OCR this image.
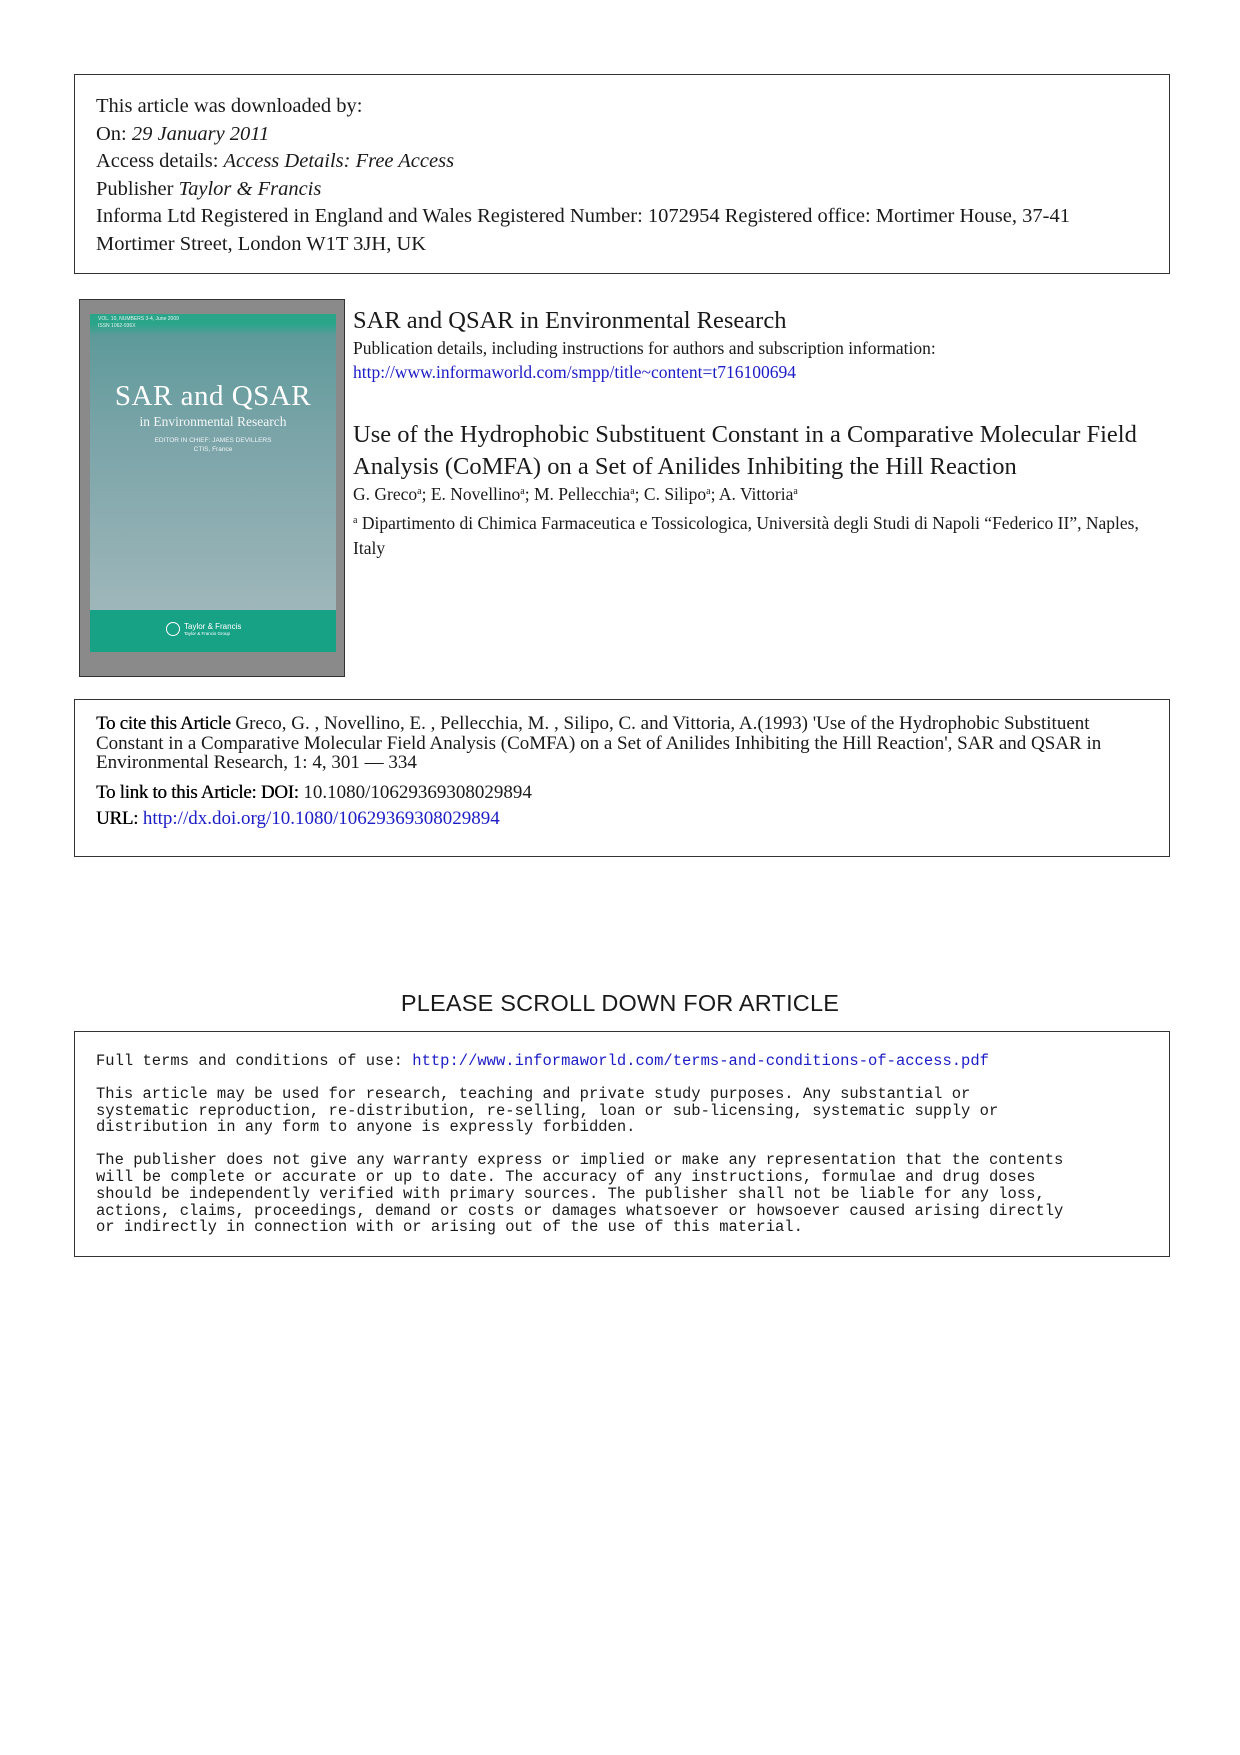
This article was downloaded by:
On: 29 January 2011
Access details: Access Details: Free Access
Publisher Taylor & Francis
Informa Ltd Registered in England and Wales Registered Number: 1072954 Registered office: Mortimer House, 37-41 Mortimer Street, London W1T 3JH, UK
VOL. 10, NUMBERS 3-4, June 2009
ISSN 1062-936X
SAR and QSAR
in Environmental Research
EDITOR IN CHIEF: JAMES DEVILLERS
CTIS, France
Taylor & Francis
Taylor & Francis Group
SAR and QSAR in Environmental Research
Publication details, including instructions for authors and subscription information:
http://www.informaworld.com/smpp/title~content=t716100694
Use of the Hydrophobic Substituent Constant in a Comparative Molecular Field Analysis (CoMFA) on a Set of Anilides Inhibiting the Hill Reaction
G. Greco$^a$; E. Novellino$^a$; M. Pellecchia$^a$; C. Silipo$^a$; A. Vittoria$^a$
$^a$ Dipartimento di Chimica Farmaceutica e Tossicologica, Università degli Studi di Napoli “Federico II”, Naples, Italy
To cite this Article Greco, G. , Novellino, E. , Pellecchia, M. , Silipo, C. and Vittoria, A.(1993) 'Use of the Hydrophobic Substituent Constant in a Comparative Molecular Field Analysis (CoMFA) on a Set of Anilides Inhibiting the Hill Reaction', SAR and QSAR in Environmental Research, 1: 4, 301 — 334
To link to this Article: DOI: 10.1080/10629369308029894
URL: http://dx.doi.org/10.1080/10629369308029894
PLEASE SCROLL DOWN FOR ARTICLE
Full terms and conditions of use: http://www.informaworld.com/terms-and-conditions-of-access.pdf
This article may be used for research, teaching and private study purposes. Any substantial or
systematic reproduction, re-distribution, re-selling, loan or sub-licensing, systematic supply or
distribution in any form to anyone is expressly forbidden.
The publisher does not give any warranty express or implied or make any representation that the contents
will be complete or accurate or up to date. The accuracy of any instructions, formulae and drug doses
should be independently verified with primary sources. The publisher shall not be liable for any loss,
actions, claims, proceedings, demand or costs or damages whatsoever or howsoever caused arising directly
or indirectly in connection with or arising out of the use of this material.
